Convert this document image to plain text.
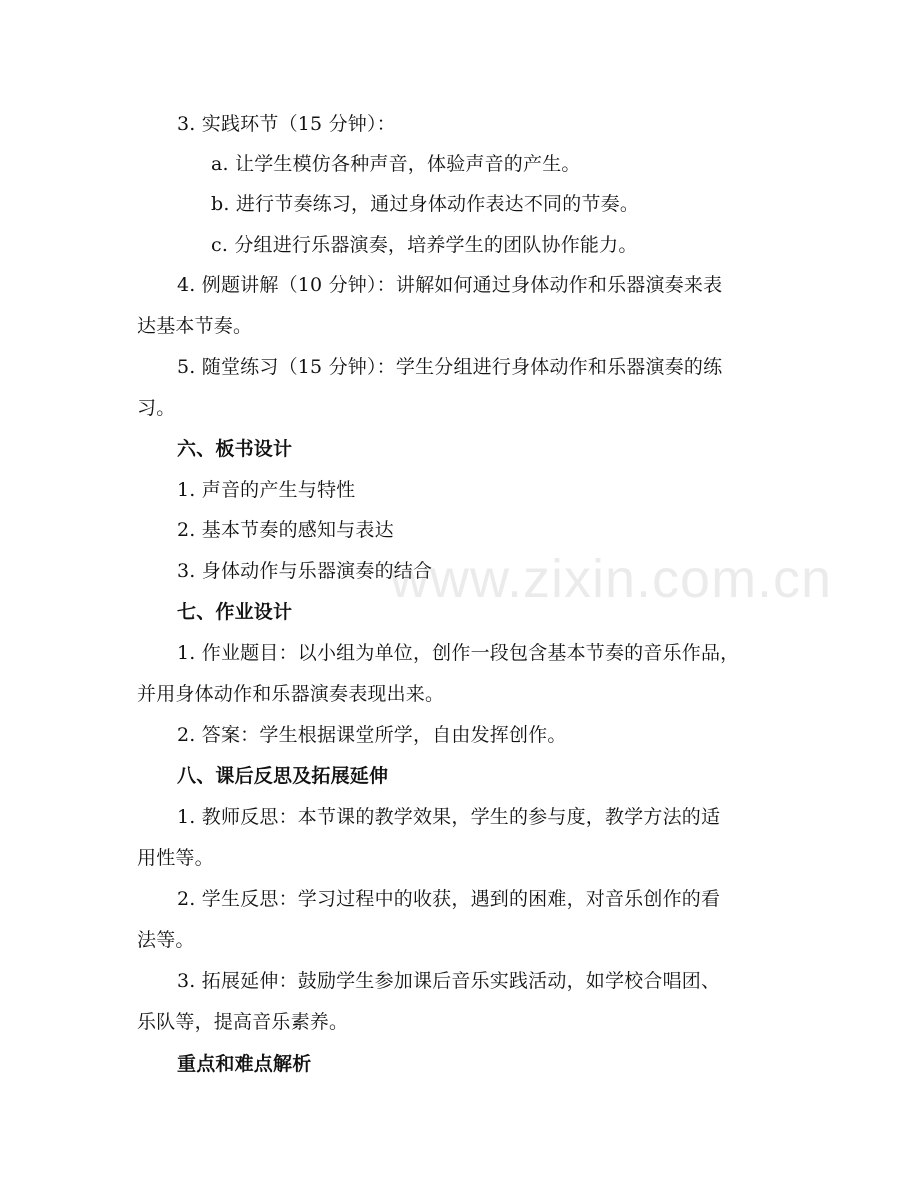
www.zixin.com.cn
3. 实践环节（15 分钟）：
a. 让学生模仿各种声音，体验声音的产生。
b. 进行节奏练习，通过身体动作表达不同的节奏。
c. 分组进行乐器演奏，培养学生的团队协作能力。
4. 例题讲解（10 分钟）：讲解如何通过身体动作和乐器演奏来表
达基本节奏。
5. 随堂练习（15 分钟）：学生分组进行身体动作和乐器演奏的练
习。
六、板书设计
1. 声音的产生与特性
2. 基本节奏的感知与表达
3. 身体动作与乐器演奏的结合
七、作业设计
1. 作业题目：以小组为单位，创作一段包含基本节奏的音乐作品，
并用身体动作和乐器演奏表现出来。
2. 答案：学生根据课堂所学，自由发挥创作。
八、课后反思及拓展延伸
1. 教师反思：本节课的教学效果，学生的参与度，教学方法的适
用性等。
2. 学生反思：学习过程中的收获，遇到的困难，对音乐创作的看
法等。
3. 拓展延伸：鼓励学生参加课后音乐实践活动，如学校合唱团、
乐队等，提高音乐素养。
重点和难点解析
